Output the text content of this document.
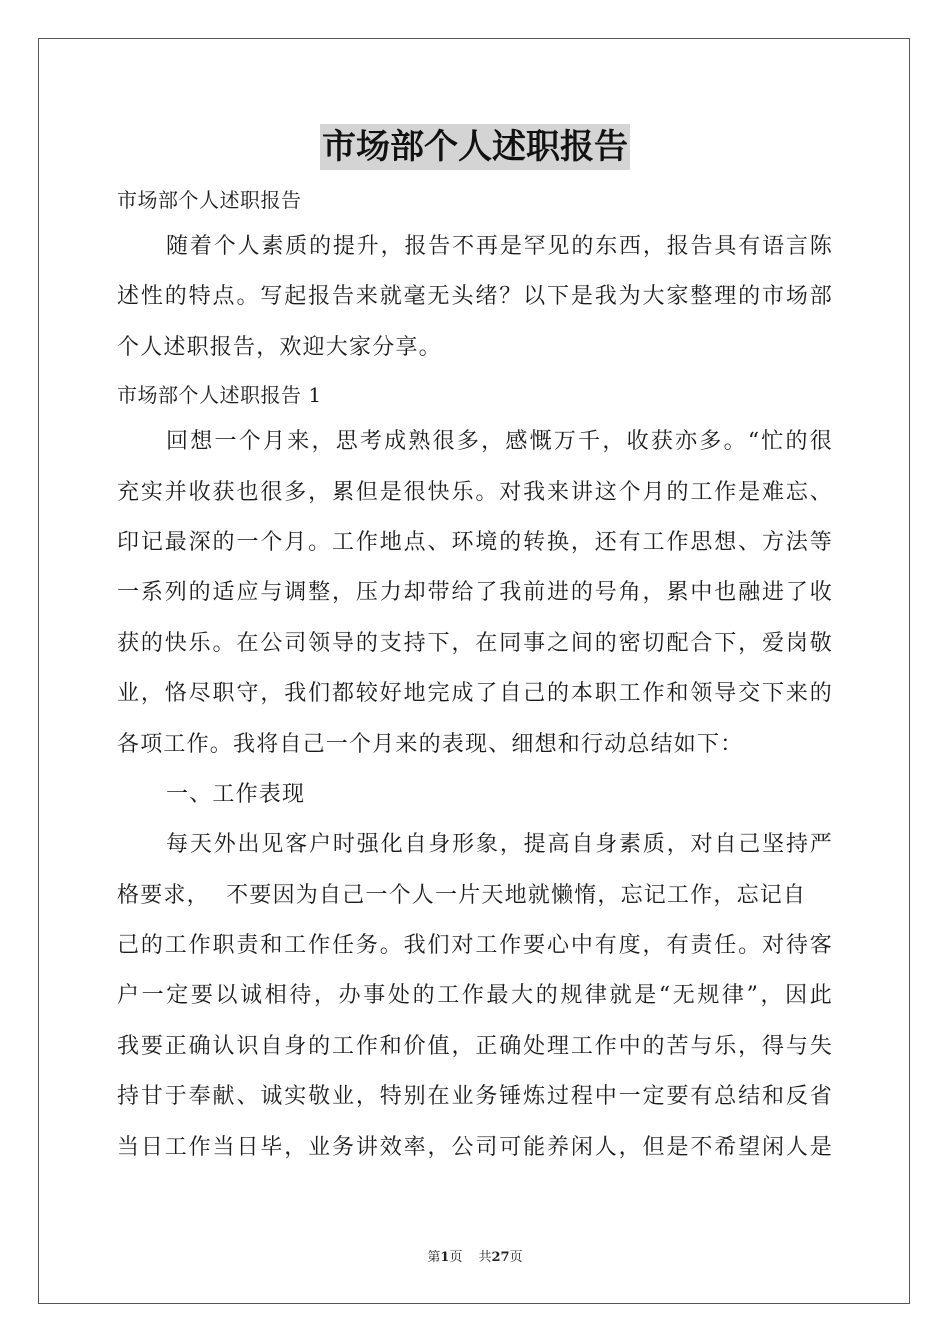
市场部个人述职报告
市场部个人述职报告
随着个人素质的提升，报告不再是罕见的东西，报告具有语言陈
述性的特点。写起报告来就毫无头绪？以下是我为大家整理的市场部
个人述职报告，欢迎大家分享。
市场部个人述职报告 1
回想一个月来，思考成熟很多，感慨万千，收获亦多。“忙的很
充实并收获也很多，累但是很快乐。对我来讲这个月的工作是难忘、
印记最深的一个月。工作地点、环境的转换，还有工作思想、方法等
一系列的适应与调整，压力却带给了我前进的号角，累中也融进了收
获的快乐。在公司领导的支持下，在同事之间的密切配合下，爱岗敬
业，恪尽职守，我们都较好地完成了自己的本职工作和领导交下来的
各项工作。我将自己一个月来的表现、细想和行动总结如下：
一、工作表现
每天外出见客户时强化自身形象，提高自身素质，对自己坚持严
格要求，  不要因为自己一个人一片天地就懒惰，忘记工作，忘记自
己的工作职责和工作任务。我们对工作要心中有度，有责任。对待客
户一定要以诚相待，办事处的工作最大的规律就是“无规律”，因此
我要正确认识自身的工作和价值，正确处理工作中的苦与乐，得与失
持甘于奉献、诚实敬业，特别在业务锤炼过程中一定要有总结和反省
当日工作当日毕，业务讲效率，公司可能养闲人，但是不希望闲人是
第1页 共27页
